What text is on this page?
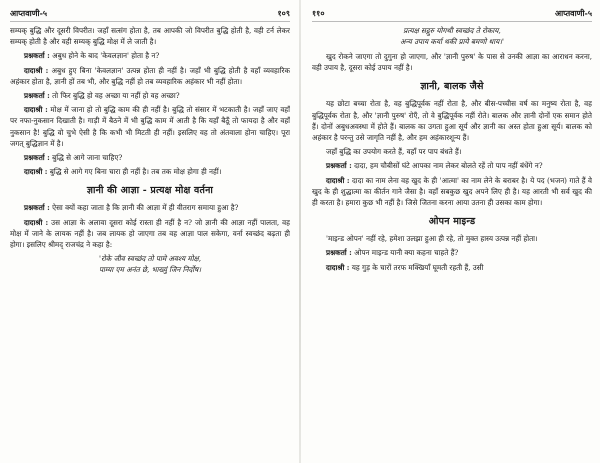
आप्तवाणी-५	१०९

सम्यक् बुद्धि और दूसरी विपरीत। जहाँ सत्संग होता है, तब आपकी जो विपरीत बुद्धि होती है, वही टर्न लेकर सम्यक् होती है और वही सम्यक् बुद्धि मोक्ष में ले जाती है।

प्रश्नकर्ता : अबुध होने के बाद 'केवलज्ञान' होता है न?

दादाश्री : अबुध हुए बिना 'केवलज्ञान' उत्पन्न होता ही नहीं है। जहाँ भी बुद्धि होती है वहाँ व्यवहारिक अहंकार होता है, ज्ञानी हों तब भी, और बुद्धि नहीं हो तब व्यवहारिक अहंकार भी नहीं होता।

प्रश्नकर्ता : तो फिर बुद्धि हो वह अच्छा या नहीं हो वह अच्छा?

दादाश्री : मोक्ष में जाना हो तो बुद्धि काम की ही नहीं है। बुद्धि तो संसार में भटकाती है। जहाँ जाए वहाँ पर नफा-नुकसान दिखाती है। गाड़ी में बैठने में भी बुद्धि काम में आती है कि यहाँ बैठूँ तो फायदा है और वहाँ नुकसान है! बुद्धि वो चुभे ऐसी है कि कभी भी मिटती ही नहीं। इसलिए वह तो अंतवाला होना चाहिए। पूरा जगत् बुद्धिज्ञान में है।

प्रश्नकर्ता : बुद्धि से आगे जाना चाहिए?

दादाश्री : बुद्धि से आगे गए बिना चारा ही नहीं है। तब तक मोक्ष होगा ही नहीं।

ज्ञानी की आज्ञा - प्रत्यक्ष मोक्ष वर्तना

प्रश्नकर्ता : ऐसा क्यों कहा जाता है कि ज्ञानी की आज्ञा में ही वीतराग समाया हुआ है?

दादाश्री : उस आज्ञा के अलावा दूसरा कोई रास्ता ही नहीं है न? जो ज्ञानी की आज्ञा नहीं पालता, वह मोक्ष में जाने के लायक नहीं है। जब लायक हो जाएगा तब वह आज्ञा पाल सकेगा, वर्ना स्वच्छंद बढ़ता ही होगा। इसलिए श्रीमद् राजचंद्र ने कहा है:

'रोके जीव स्वच्छंद तो पामे अवश्य मोक्ष,
पाम्या एम अनंत छे, भाख्युं जिन निर्दोष।
११०	आप्तवाणी-५
प्रत्यक्ष सद्गुरु योगथी स्वच्छंद ते रोकाय,
अन्य उपाय कर्या थकी प्राये बमणो थाय।'

खुद रोकने जाएगा तो दुगुना हो जाएगा, और 'ज्ञानी पुरुष' के पास से उनकी आज्ञा का आराधन करना, वही उपाय है, दूसरा कोई उपाय नहीं है।

ज्ञानी, बालक जैसे

यह छोटा बच्चा रोता है, वह बुद्धिपूर्वक नहीं रोता है, और बीस-पच्चीस वर्ष का मनुष्य रोता है, वह बुद्धिपूर्वक रोता है, और 'ज्ञानी पुरुष' रोएँ, तो वे बुद्धिपूर्वक नहीं रोते। बालक और ज्ञानी दोनों एक समान होते हैं। दोनों अबुधअवस्था में होते हैं। बालक का उगता हुआ सूर्य और ज्ञानी का अस्त होता हुआ सूर्य। बालक को अहंकार है परन्तु उसे जागृति नहीं है, और हम अहंकारशून्य हैं।

जहाँ बुद्धि का उपयोग करते हैं, वहाँ पर पाप बंधते हैं।

प्रश्नकर्ता : दादा, हम चौबीसों घंटे आपका नाम लेकर बोलते रहें तो पाप नहीं बंधेंगे न?

दादाश्री : दादा का नाम लेना वह खुद के ही 'आत्मा' का नाम लेने के बराबर है। ये पद (भजन) गाते हैं वे खुद के ही शुद्धात्मा का कीर्तन गाने जैसा है। वहाँ सबकुछ खुद अपने लिए ही है। यह आरती भी सर्व खुद की ही करता है। हमारा कुछ भी नहीं है। जिसे जितना करना आया उतना ही उसका काम होगा।

ओपन माइन्ड

'माइन्ड ओपन' नहीं रहे, हमेशा उलझा हुआ ही रहे, तो मुक्त हास्य उत्पन्न नहीं होता।

प्रश्नकर्ता : ओपन माइन्ड यानी क्या कहना चाहते हैं?

दादाश्री : यह गुड़ के चारों तरफ मक्खियाँ घूमती रहती हैं, उसी
